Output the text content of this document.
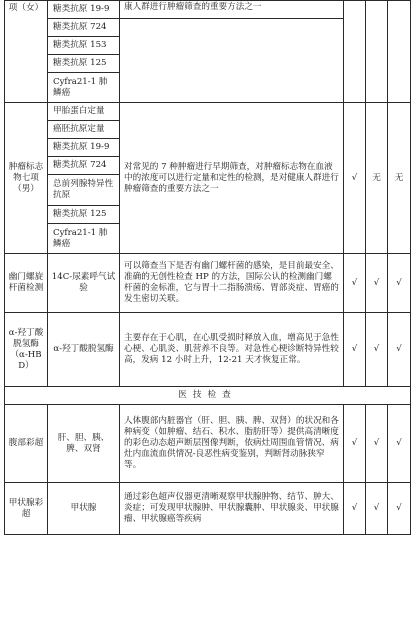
项（女）	糖类抗原 19-9	康人群进行肿瘤筛查的重要方法之一			
	糖类抗原 724				
	糖类抗原 153				
	糖类抗原 125				
	Cyfra21-1 肺鳞癌				
肿瘤标志物七项（男）	甲胎蛋白定量	对常见的 7 种肿瘤进行早期筛查，对肿瘤标志物在血液中的浓度可以进行定量和定性的检测，是对健康人群进行肿瘤筛查的重要方法之一	√	无	无
	癌胚抗原定量				
	糖类抗原 19-9				
	糖类抗原 724				
	总前列腺特异性抗原				
	糖类抗原 125				
	Cyfra21-1 肺鳞癌				
幽门螺旋杆菌检测	14C-尿素呼气试验	可以筛查当下是否有幽门螺杆菌的感染，是目前最安全、准确的无创性检查 HP 的方法，国际公认的检测幽门螺杆菌的金标准，它与胃十二指肠溃疡、胃部炎症、胃癌的发生密切关联。	√	√	√
α-羟丁酸脱氢酶（α-HBD）	α-羟丁酸脱氢酶	主要存在于心肌，在心肌受损时释放入血，增高见于急性心梗、心肌炎、肌营养不良等。对急性心梗诊断特异性较高，发病 12 小时上升，12-21 天才恢复正常。	√	√	√
医技检查					
腹部彩超	肝、胆、胰、脾、双肾	人体腹部内脏器官（肝、胆、胰、脾、双肾）的状况和各种病变（如肿瘤、结石、积水、脂肪肝等）提供高清晰度的彩色动态超声断层图像判断，依病灶周围血管情况、病灶内血流血供情况-良恶性病变鉴别，判断肾动脉狭窄等。	√	√	√
甲状腺彩超	甲状腺	通过彩色超声仪器更清晰观察甲状腺肿物、结节、肿大、炎症；可发现甲状腺肿、甲状腺囊肿、甲状腺炎、甲状腺瘤、甲状腺癌等疾病	√	√	√
